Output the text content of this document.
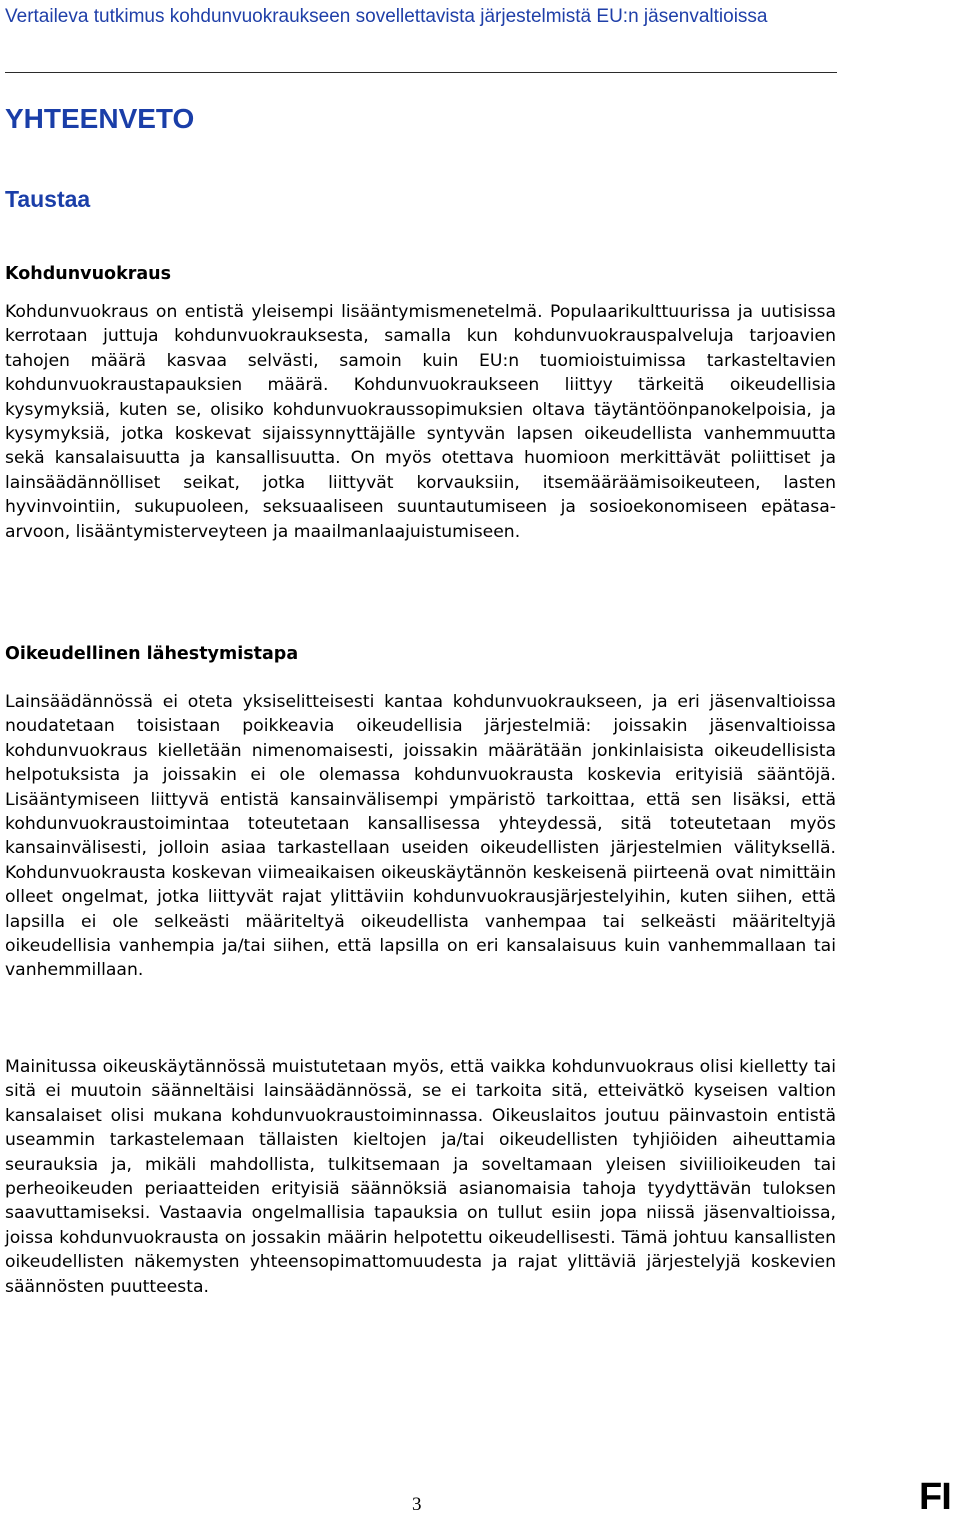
Vertaileva tutkimus kohdunvuokraukseen sovellettavista järjestelmistä EU:n jäsenvaltioissa
YHTEENVETO
Taustaa
Kohdunvuokraus

Kohdunvuokraus on entistä yleisempi lisääntymismenetelmä. Populaarikulttuurissa ja uutisissa kerrotaan juttuja kohdunvuokrauksesta, samalla kun kohdunvuokrauspalveluja tarjoavien tahojen määrä kasvaa selvästi, samoin kuin EU:n tuomioistuimissa tarkasteltavien kohdunvuokraustapauksien määrä. Kohdunvuokraukseen liittyy tärkeitä oikeudellisia kysymyksiä, kuten se, olisiko kohdunvuokraussopimuksien oltava täytäntöönpanokelpoisia, ja kysymyksiä, jotka koskevat sijaissynnyttäjälle syntyvän lapsen oikeudellista vanhemmuutta sekä kansalaisuutta ja kansallisuutta. On myös otettava huomioon merkittävät poliittiset ja lainsäädännölliset seikat, jotka liittyvät korvauksiin, itsemääräämisoikeuteen, lasten hyvinvointiin, sukupuoleen, seksuaaliseen suuntautumiseen ja sosioekonomiseen epätasa-arvoon, lisääntymisterveyteen ja maailmanlaajuistumiseen.

Oikeudellinen lähestymistapa

Lainsäädännössä ei oteta yksiselitteisesti kantaa kohdunvuokraukseen, ja eri jäsenvaltioissa noudatetaan toisistaan poikkeavia oikeudellisia järjestelmiä: joissakin jäsenvaltioissa kohdunvuokraus kielletään nimenomaisesti, joissakin määrätään jonkinlaisista oikeudellisista helpotuksista ja joissakin ei ole olemassa kohdunvuokrausta koskevia erityisiä sääntöjä. Lisääntymiseen liittyvä entistä kansainvälisempi ympäristö tarkoittaa, että sen lisäksi, että kohdunvuokraustoimintaa toteutetaan kansallisessa yhteydessä, sitä toteutetaan myös kansainvälisesti, jolloin asiaa tarkastellaan useiden oikeudellisten järjestelmien välityksellä. Kohdunvuokrausta koskevan viimeaikaisen oikeuskäytännön keskeisenä piirteenä ovat nimittäin olleet ongelmat, jotka liittyvät rajat ylittäviin kohdunvuokrausjärjestelyihin, kuten siihen, että lapsilla ei ole selkeästi määriteltyä oikeudellista vanhempaa tai selkeästi määriteltyjä oikeudellisia vanhempia ja/tai siihen, että lapsilla on eri kansalaisuus kuin vanhemmallaan tai vanhemmillaan.

Mainitussa oikeuskäytännössä muistutetaan myös, että vaikka kohdunvuokraus olisi kielletty tai sitä ei muutoin säänneltäisi lainsäädännössä, se ei tarkoita sitä, etteivätkö kyseisen valtion kansalaiset olisi mukana kohdunvuokraustoiminnassa. Oikeuslaitos joutuu päinvastoin entistä useammin tarkastelemaan tällaisten kieltojen ja/tai oikeudellisten tyhjiöiden aiheuttamia seurauksia ja, mikäli mahdollista, tulkitsemaan ja soveltamaan yleisen siviilioikeuden tai perheoikeuden periaatteiden erityisiä säännöksiä asianomaisia tahoja tyydyttävän tuloksen saavuttamiseksi. Vastaavia ongelmallisia tapauksia on tullut esiin jopa niissä jäsenvaltioissa, joissa kohdunvuokrausta on jossakin määrin helpotettu oikeudellisesti. Tämä johtuu kansallisten oikeudellisten näkemysten yhteensopimattomuudesta ja rajat ylittäviä järjestelyjä koskevien säännösten puutteesta.

3	FI
